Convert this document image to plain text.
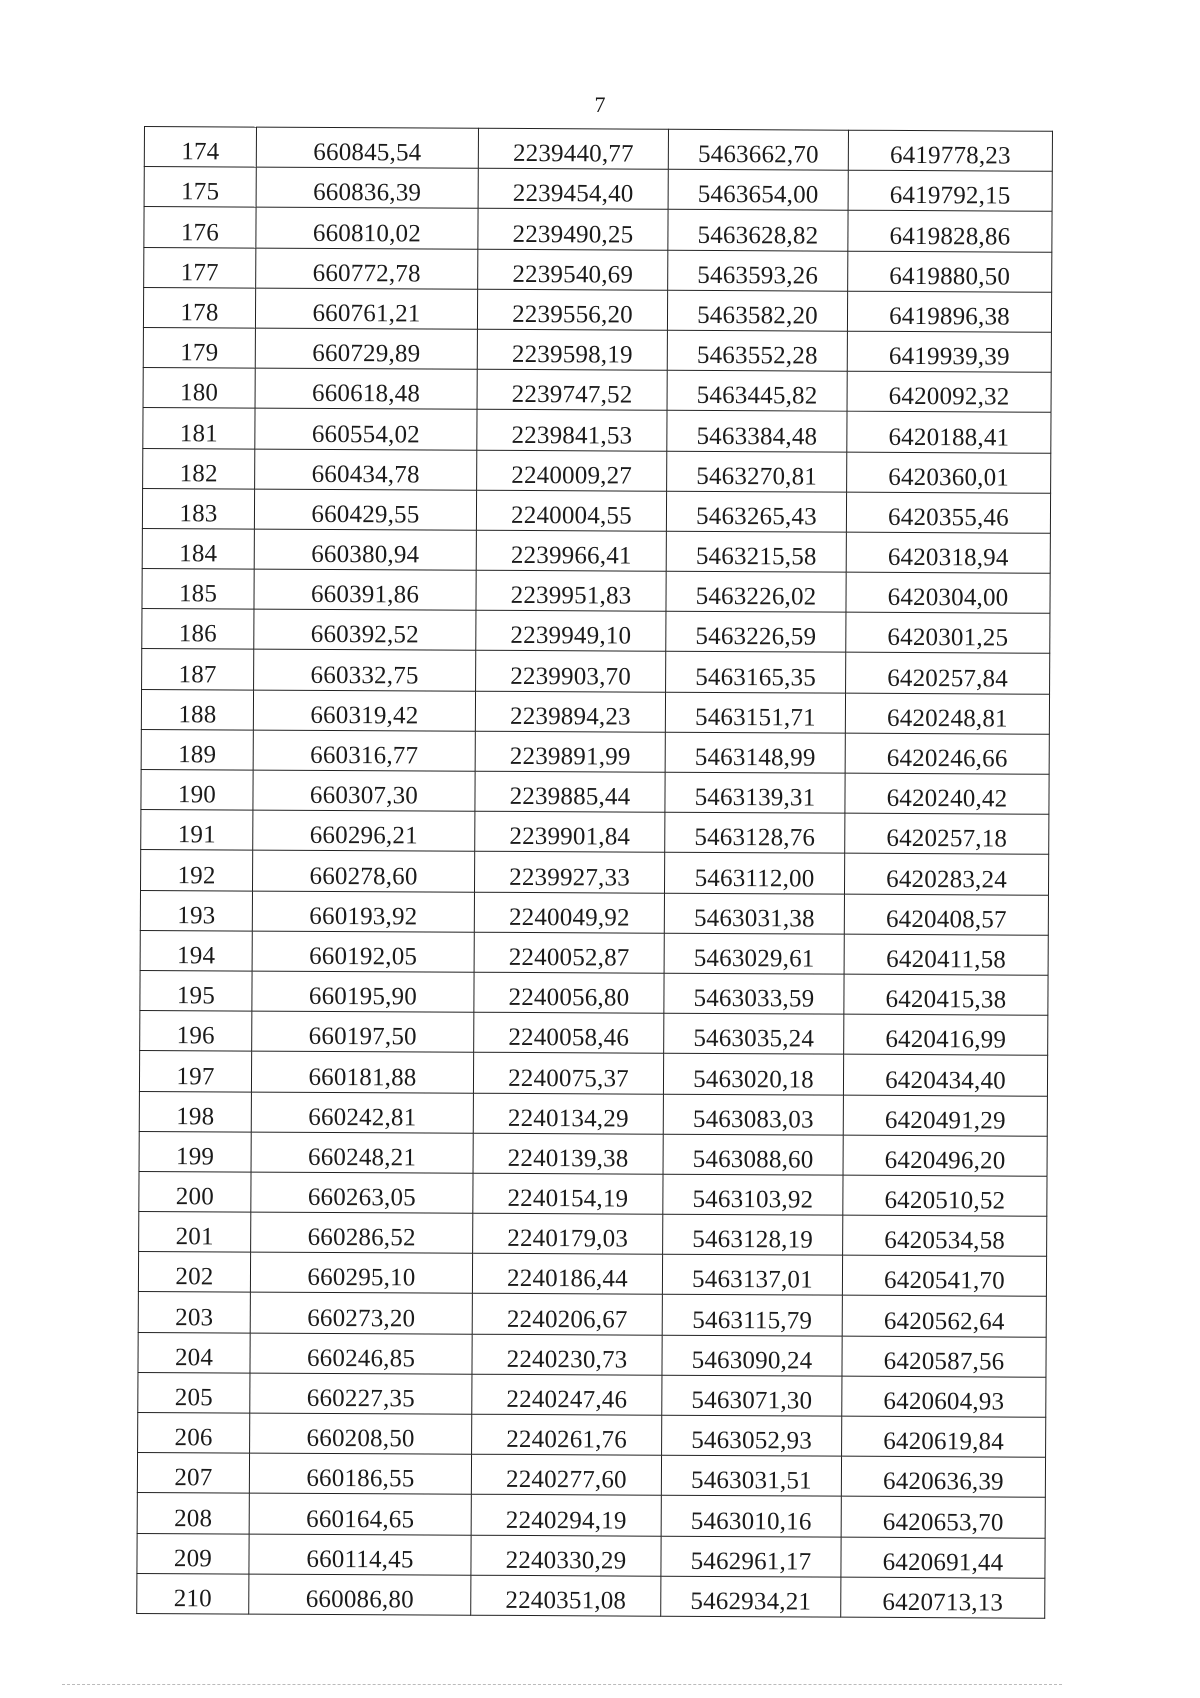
7
174	660845,54	2239440,77	5463662,70	6419778,23
175	660836,39	2239454,40	5463654,00	6419792,15
176	660810,02	2239490,25	5463628,82	6419828,86
177	660772,78	2239540,69	5463593,26	6419880,50
178	660761,21	2239556,20	5463582,20	6419896,38
179	660729,89	2239598,19	5463552,28	6419939,39
180	660618,48	2239747,52	5463445,82	6420092,32
181	660554,02	2239841,53	5463384,48	6420188,41
182	660434,78	2240009,27	5463270,81	6420360,01
183	660429,55	2240004,55	5463265,43	6420355,46
184	660380,94	2239966,41	5463215,58	6420318,94
185	660391,86	2239951,83	5463226,02	6420304,00
186	660392,52	2239949,10	5463226,59	6420301,25
187	660332,75	2239903,70	5463165,35	6420257,84
188	660319,42	2239894,23	5463151,71	6420248,81
189	660316,77	2239891,99	5463148,99	6420246,66
190	660307,30	2239885,44	5463139,31	6420240,42
191	660296,21	2239901,84	5463128,76	6420257,18
192	660278,60	2239927,33	5463112,00	6420283,24
193	660193,92	2240049,92	5463031,38	6420408,57
194	660192,05	2240052,87	5463029,61	6420411,58
195	660195,90	2240056,80	5463033,59	6420415,38
196	660197,50	2240058,46	5463035,24	6420416,99
197	660181,88	2240075,37	5463020,18	6420434,40
198	660242,81	2240134,29	5463083,03	6420491,29
199	660248,21	2240139,38	5463088,60	6420496,20
200	660263,05	2240154,19	5463103,92	6420510,52
201	660286,52	2240179,03	5463128,19	6420534,58
202	660295,10	2240186,44	5463137,01	6420541,70
203	660273,20	2240206,67	5463115,79	6420562,64
204	660246,85	2240230,73	5463090,24	6420587,56
205	660227,35	2240247,46	5463071,30	6420604,93
206	660208,50	2240261,76	5463052,93	6420619,84
207	660186,55	2240277,60	5463031,51	6420636,39
208	660164,65	2240294,19	5463010,16	6420653,70
209	660114,45	2240330,29	5462961,17	6420691,44
210	660086,80	2240351,08	5462934,21	6420713,13
